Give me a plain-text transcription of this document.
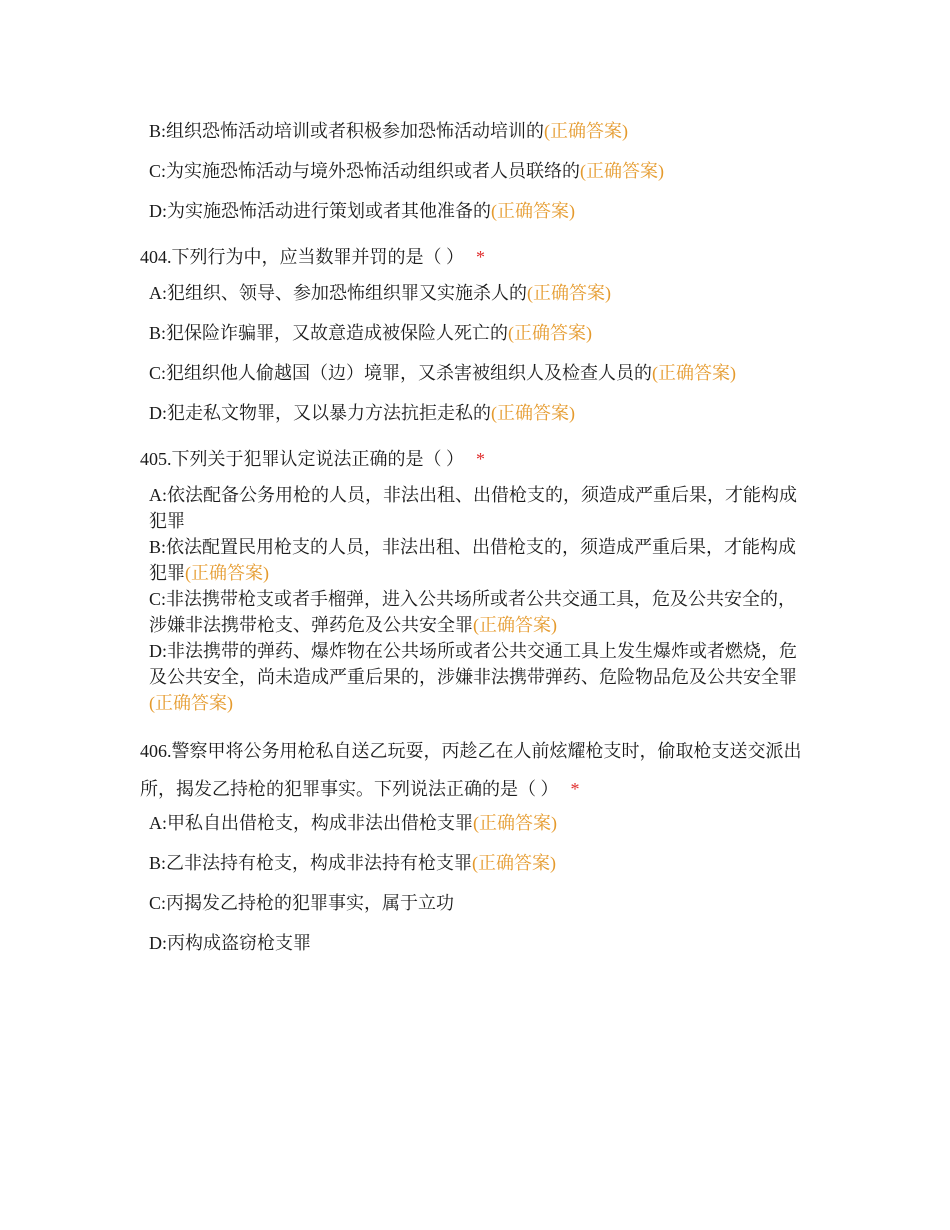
B:组织恐怖活动培训或者积极参加恐怖活动培训的(正确答案)
C:为实施恐怖活动与境外恐怖活动组织或者人员联络的(正确答案)
D:为实施恐怖活动进行策划或者其他准备的(正确答案)

404.下列行为中，应当数罪并罚的是（ ） *

A:犯组织、领导、参加恐怖组织罪又实施杀人的(正确答案)
B:犯保险诈骗罪，又故意造成被保险人死亡的(正确答案)
C:犯组织他人偷越国（边）境罪，又杀害被组织人及检查人员的(正确答案)
D:犯走私文物罪，又以暴力方法抗拒走私的(正确答案)

405.下列关于犯罪认定说法正确的是（ ） *

A:依法配备公务用枪的人员，非法出租、出借枪支的，须造成严重后果，才能构成犯罪
B:依法配置民用枪支的人员，非法出租、出借枪支的，须造成严重后果，才能构成犯罪(正确答案)
C:非法携带枪支或者手榴弹，进入公共场所或者公共交通工具，危及公共安全的，涉嫌非法携带枪支、弹药危及公共安全罪(正确答案)
D:非法携带的弹药、爆炸物在公共场所或者公共交通工具上发生爆炸或者燃烧，危及公共安全，尚未造成严重后果的，涉嫌非法携带弹药、危险物品危及公共安全罪(正确答案)

406.警察甲将公务用枪私自送乙玩耍，丙趁乙在人前炫耀枪支时，偷取枪支送交派出所，揭发乙持枪的犯罪事实。下列说法正确的是（ ） *

A:甲私自出借枪支，构成非法出借枪支罪(正确答案)
B:乙非法持有枪支，构成非法持有枪支罪(正确答案)
C:丙揭发乙持枪的犯罪事实，属于立功
D:丙构成盗窃枪支罪
